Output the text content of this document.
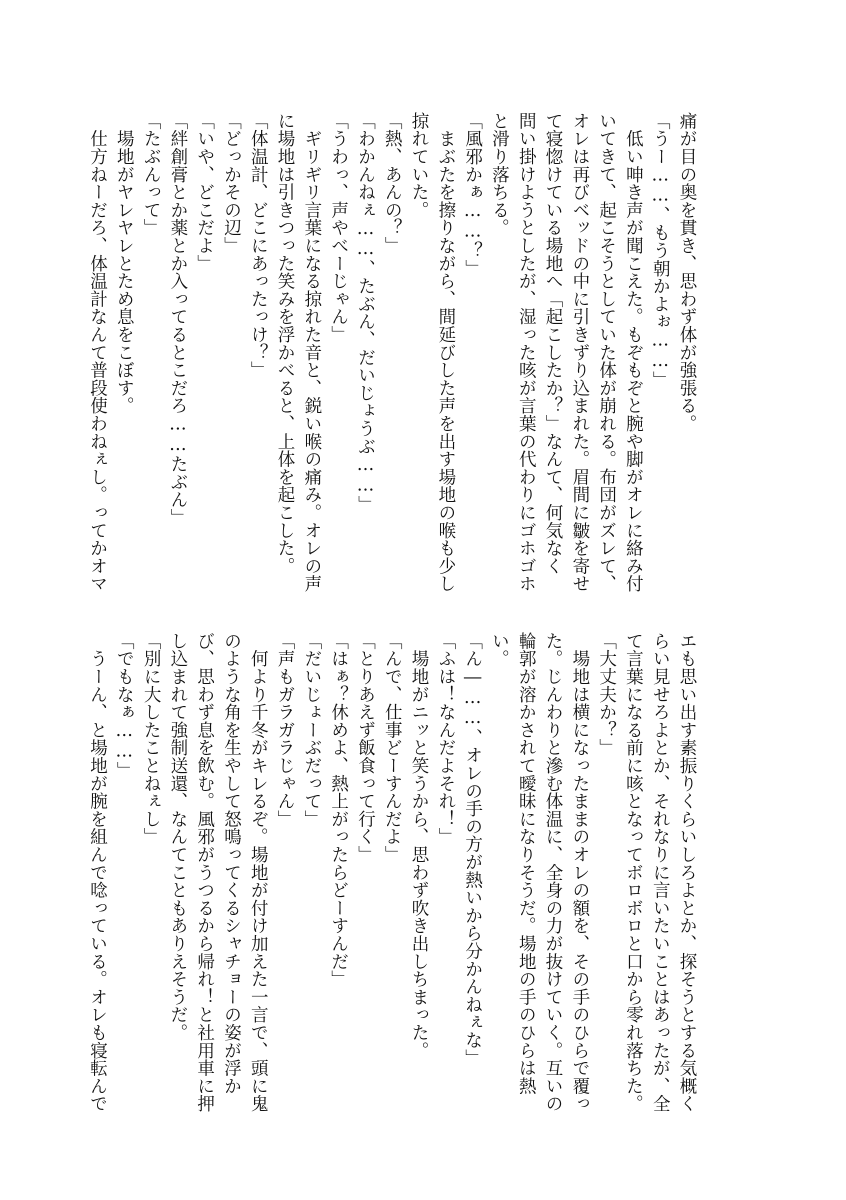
痛が目の奥を貫き、思わず体が強張る。

「うー……、もう朝かよぉ……」

　低い呻き声が聞こえた。もぞもぞと腕や脚がオレに絡み付

いてきて、起こそうとしていた体が崩れる。布団がズレて、

オレは再びベッドの中に引きずり込まれた。眉間に皺を寄せ

て寝惚けている場地へ「起こしたか？」なんて、何気なく

問い掛けようとしたが、湿った咳が言葉の代わりにゴホゴホ

と滑り落ちる。

「風邪かぁ……？」

　まぶたを擦りながら、間延びした声を出す場地の喉も少し

掠れていた。

「熱、あんの？」

「わかんねぇ……、たぶん、だいじょうぶ……」

「うわっ、声やべーじゃん」

　ギリギリ言葉になる掠れた音と、鋭い喉の痛み。オレの声

に場地は引きつった笑みを浮かべると、上体を起こした。

「体温計、どこにあったっけ？」

「どっかその辺」

「いや、どこだよ」

「絆創膏とか薬とか入ってるとこだろ……たぶん」

「たぶんって」

　場地がヤレヤレとため息をこぼす。

　仕方ねーだろ、体温計なんて普段使わねぇし。ってかオマ

エも思い出す素振りくらいしろよとか、探そうとする気概く

らい見せろよとか、それなりに言いたいことはあったが、全

て言葉になる前に咳となってボロボロと口から零れ落ちた。

「大丈夫か？」

　場地は横になったままのオレの額を、その手のひらで覆っ

た。じんわりと滲む体温に、全身の力が抜けていく。互いの

輪郭が溶かされて曖昧になりそうだ。場地の手のひらは熱

い。

「ん―……、オレの手の方が熱いから分かんねぇな」

「ふは！なんだよそれ！」

　場地がニッと笑うから、思わず吹き出しちまった。

「んで、仕事どーすんだよ」

「とりあえず飯食って行く」

「はぁ？休めよ、熱上がったらどーすんだ」

「だいじょーぶだって」

「声もガラガラじゃん」

　何より千冬がキレるぞ。場地が付け加えた一言で、頭に鬼

のような角を生やして怒鳴ってくるシャチョーの姿が浮か

び、思わず息を飲む。風邪がうつるから帰れ！と社用車に押

し込まれて強制送還、なんてこともありえそうだ。

「別に大したことねぇし」

「でもなぁ……」

　うーん、と場地が腕を組んで唸っている。オレも寝転んで
